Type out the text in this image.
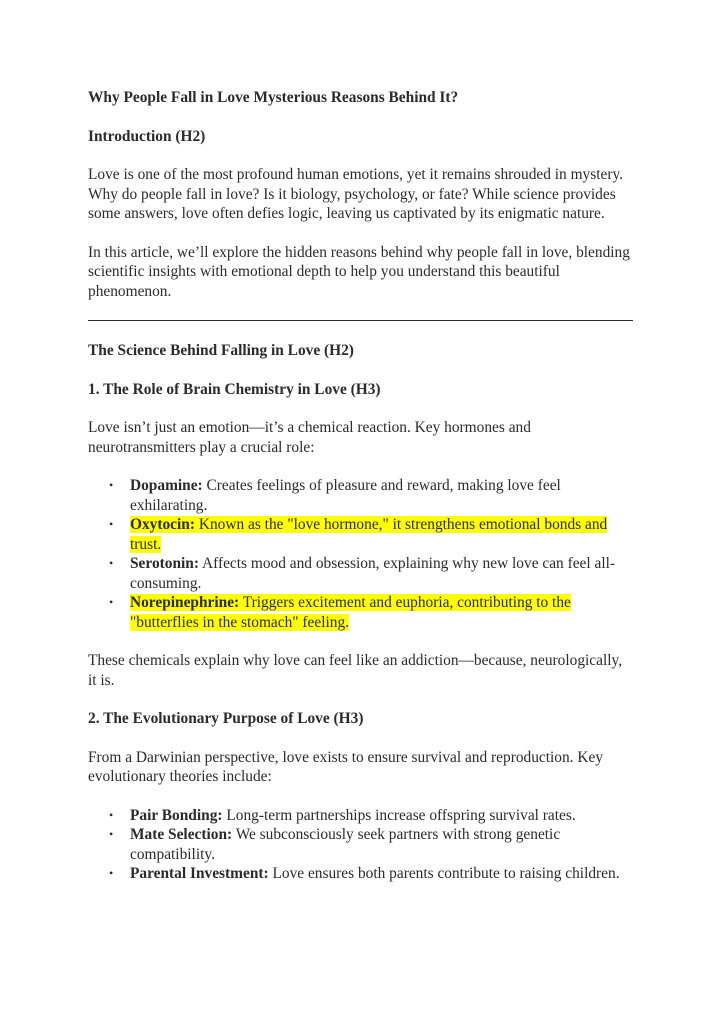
Why People Fall in Love Mysterious Reasons Behind It?

Introduction (H2)

Love is one of the most profound human emotions, yet it remains shrouded in mystery. Why do people fall in love? Is it biology, psychology, or fate? While science provides some answers, love often defies logic, leaving us captivated by its enigmatic nature.

In this article, we’ll explore the hidden reasons behind why people fall in love, blending scientific insights with emotional depth to help you understand this beautiful phenomenon.

The Science Behind Falling in Love (H2)

1. The Role of Brain Chemistry in Love (H3)

Love isn’t just an emotion—it’s a chemical reaction. Key hormones and neurotransmitters play a crucial role:

• Dopamine: Creates feelings of pleasure and reward, making love feel exhilarating.
• Oxytocin: Known as the "love hormone," it strengthens emotional bonds and trust.
• Serotonin: Affects mood and obsession, explaining why new love can feel all-consuming.
• Norepinephrine: Triggers excitement and euphoria, contributing to the "butterflies in the stomach" feeling.

These chemicals explain why love can feel like an addiction—because, neurologically, it is.

2. The Evolutionary Purpose of Love (H3)

From a Darwinian perspective, love exists to ensure survival and reproduction. Key evolutionary theories include:

• Pair Bonding: Long-term partnerships increase offspring survival rates.
• Mate Selection: We subconsciously seek partners with strong genetic compatibility.
• Parental Investment: Love ensures both parents contribute to raising children.
